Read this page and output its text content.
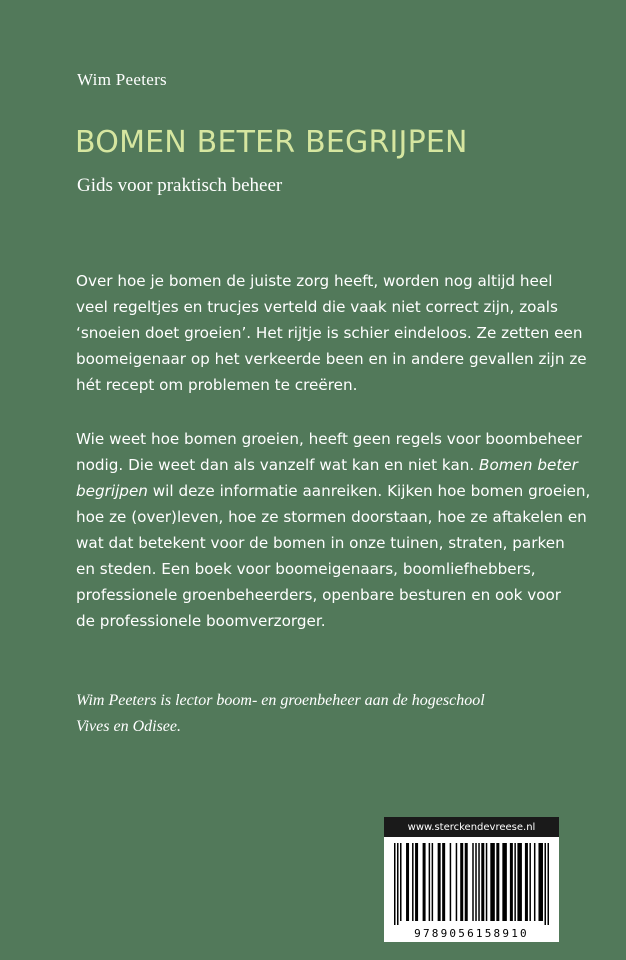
Wim Peeters
BOMEN BETER BEGRIJPEN
Gids voor praktisch beheer

Over hoe je bomen de juiste zorg heeft, worden nog altijd heel
veel regeltjes en trucjes verteld die vaak niet correct zijn, zoals
‘snoeien doet groeien’. Het rijtje is schier eindeloos. Ze zetten een
boomeigenaar op het verkeerde been en in andere gevallen zijn ze
hét recept om problemen te creëren.

Wie weet hoe bomen groeien, heeft geen regels voor boombeheer
nodig. Die weet dan als vanzelf wat kan en niet kan. Bomen beter
begrijpen wil deze informatie aanreiken. Kijken hoe bomen groeien,
hoe ze (over)leven, hoe ze stormen doorstaan, hoe ze aftakelen en
wat dat betekent voor de bomen in onze tuinen, straten, parken
en steden. Een boek voor boomeigenaars, boomliefhebbers,
professionele groenbeheerders, openbare besturen en ook voor
de professionele boomverzorger.

Wim Peeters is lector boom- en groenbeheer aan de hogeschool
Vives en Odisee.

www.sterckendevreese.nl
9789056158910
